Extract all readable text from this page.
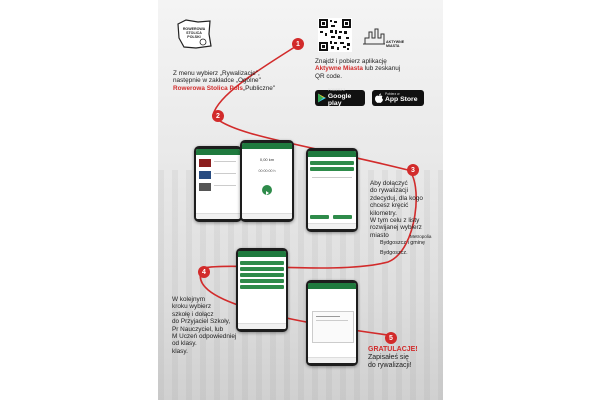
ROWEROWA
STOLICA
POLSKI
1
Z menu wybierz „Rywalizacje",
następnie w zakładce „Ogólne"
Rowerowa Stolica Pols„Publiczne"
AKTYWNE
MIASTA
Znajdź i pobierz aplikację
Aktywne Miasta lub zeskanuj
QR code.
POBIERZ Z
Google play
Pobierz w
App Store
2
0,00 km
00:00:00 h	3
Aby dołączyć
do rywalizacji
zdecyduj, dla kogo
chcesz kręcić
kilometry.
W tym celu z listy
rozwijanej wybierz
miasto	Metropolia
Bydgoszcz i gminę
Bydgoszcz.
4
W kolejnym
kroku wybierz
szkołę i dołącz
do Przyjaciel Szkoły,
Pr Nauczyciel, lub
M Uczeń odpowiedniej
od klasy.
klasy.
5
GRATULACJE!
Zapisałeś się
do rywalizacji!
